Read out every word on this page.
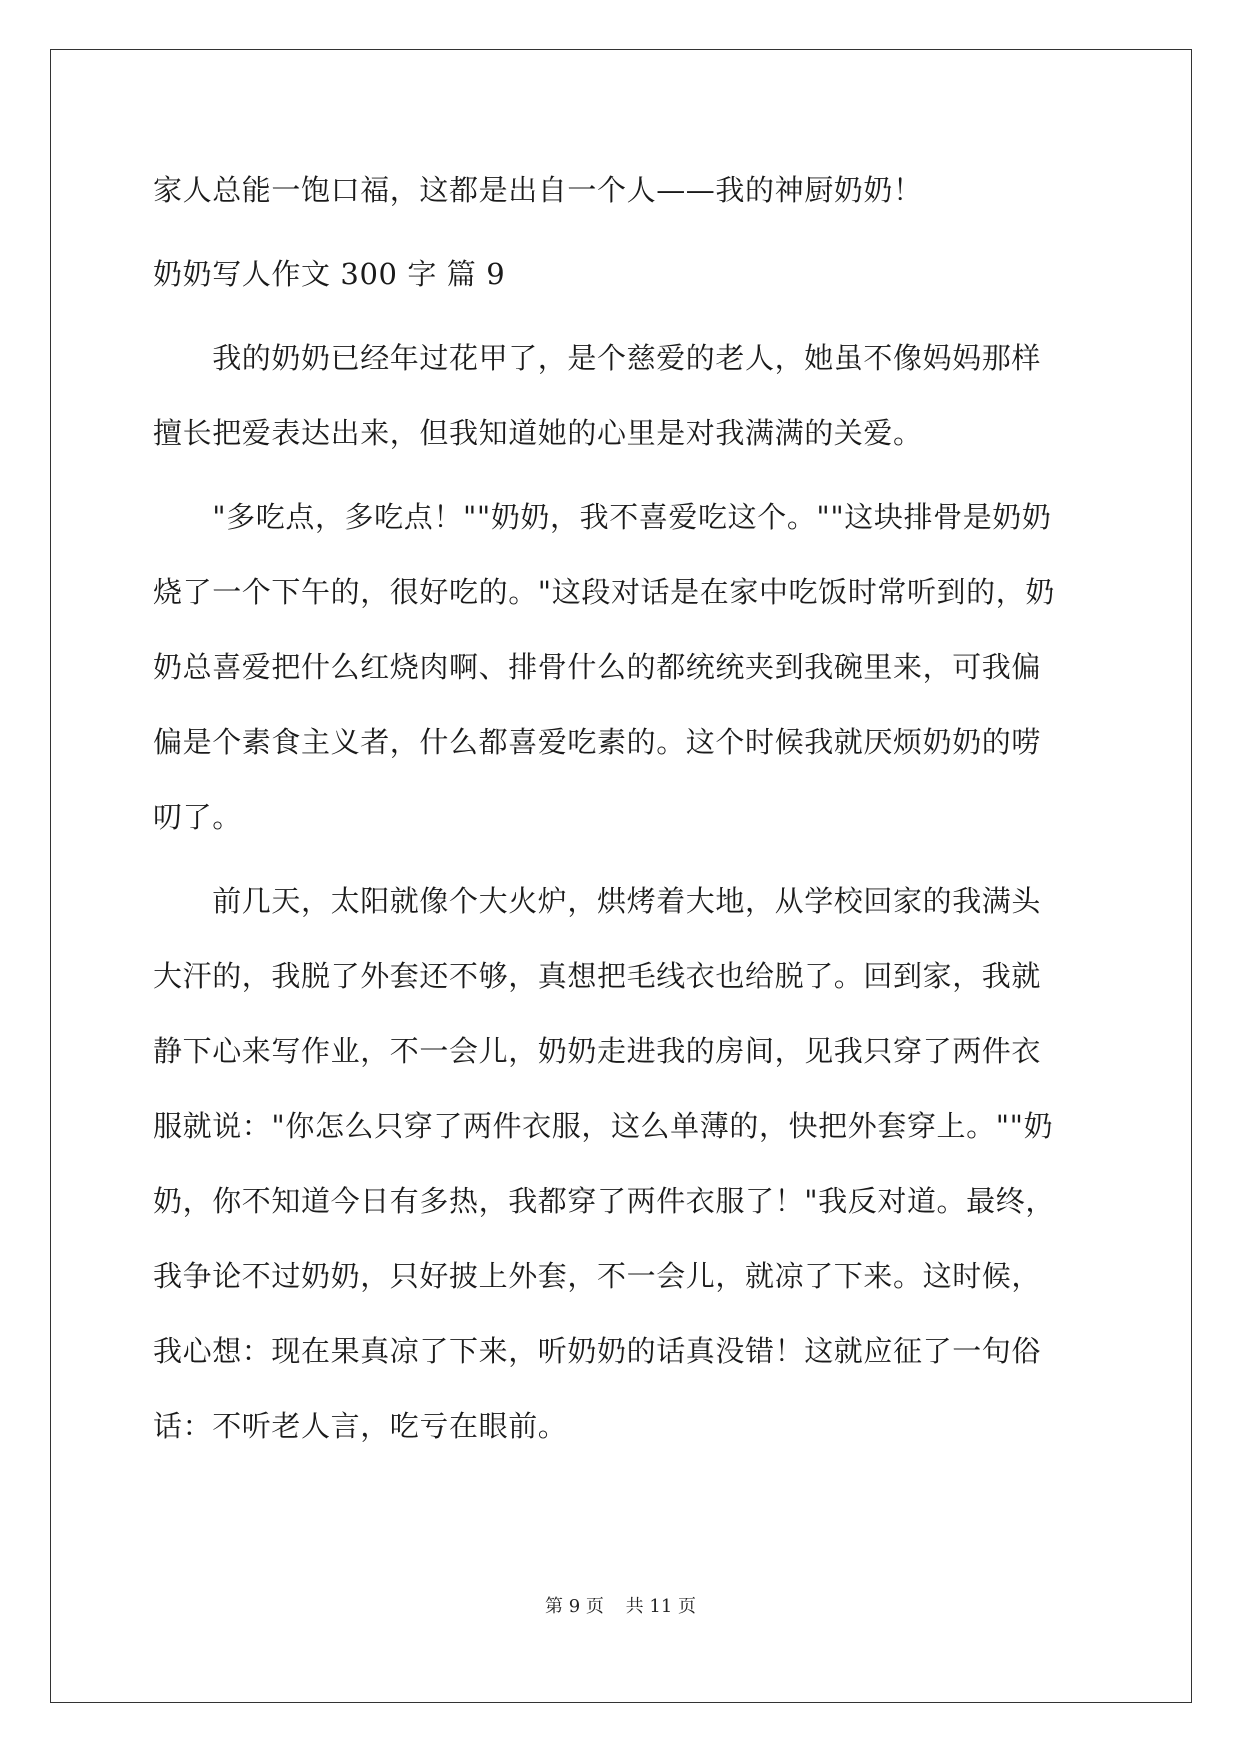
家人总能一饱口福，这都是出自一个人——我的神厨奶奶！
奶奶写人作文 300 字 篇 9
　　我的奶奶已经年过花甲了，是个慈爱的老人，她虽不像妈妈那样
擅长把爱表达出来，但我知道她的心里是对我满满的关爱。
　　"多吃点，多吃点！""奶奶，我不喜爱吃这个。""这块排骨是奶奶
烧了一个下午的，很好吃的。"这段对话是在家中吃饭时常听到的，奶
奶总喜爱把什么红烧肉啊、排骨什么的都统统夹到我碗里来，可我偏
偏是个素食主义者，什么都喜爱吃素的。这个时候我就厌烦奶奶的唠
叨了。
　　前几天，太阳就像个大火炉，烘烤着大地，从学校回家的我满头
大汗的，我脱了外套还不够，真想把毛线衣也给脱了。回到家，我就
静下心来写作业，不一会儿，奶奶走进我的房间，见我只穿了两件衣
服就说："你怎么只穿了两件衣服，这么单薄的，快把外套穿上。""奶
奶，你不知道今日有多热，我都穿了两件衣服了！"我反对道。最终，
我争论不过奶奶，只好披上外套，不一会儿，就凉了下来。这时候，
我心想：现在果真凉了下来，听奶奶的话真没错！这就应征了一句俗
话：不听老人言，吃亏在眼前。
第 9 页 共 11 页
